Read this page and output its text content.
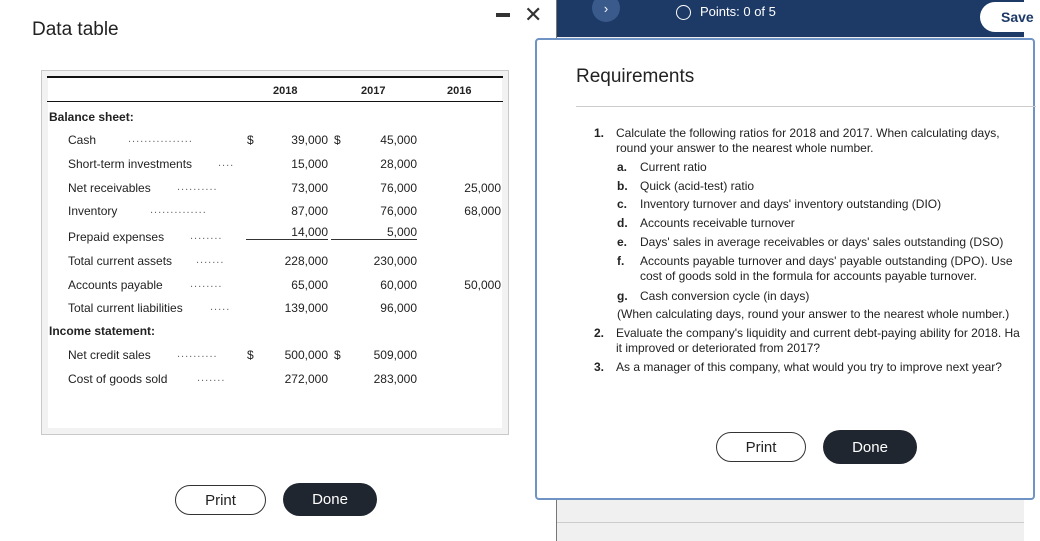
Data table
✕
2018	2017	2016
Balance sheet:
Income statement:
Cash	................	$	39,000 $	45,000
Short-term investments ....	15,000	28,000
Net receivables ..........	73,000	76,000	25,000
Inventory	..............	87,000	76,000	68,000
Prepaid expenses ........	14,000	5,000
Total current assets .......	228,000	230,000
Accounts payable ........	65,000	60,000	50,000
Total current liabilities .....	139,000	96,000
Net credit sales .......... $	500,000 $	509,000
Cost of goods sold	.......	272,000	283,000
Print	Done
›	Points: 0 of 5	Save
Requirements
1. Calculate the following ratios for 2018 and 2017. When calculating days,
round your answer to the nearest whole number.
a. Current ratio
b. Quick (acid-test) ratio
c. Inventory turnover and days' inventory outstanding (DIO)
d. Accounts receivable turnover
e. Days' sales in average receivables or days' sales outstanding (DSO)
f. Accounts payable turnover and days' payable outstanding (DPO). Use
cost of goods sold in the formula for accounts payable turnover.
g. Cash conversion cycle (in days)
(When calculating days, round your answer to the nearest whole number.)
2. Evaluate the company's liquidity and current debt-paying ability for 2018. Ha
it improved or deteriorated from 2017?
3. As a manager of this company, what would you try to improve next year?
Print	Done
